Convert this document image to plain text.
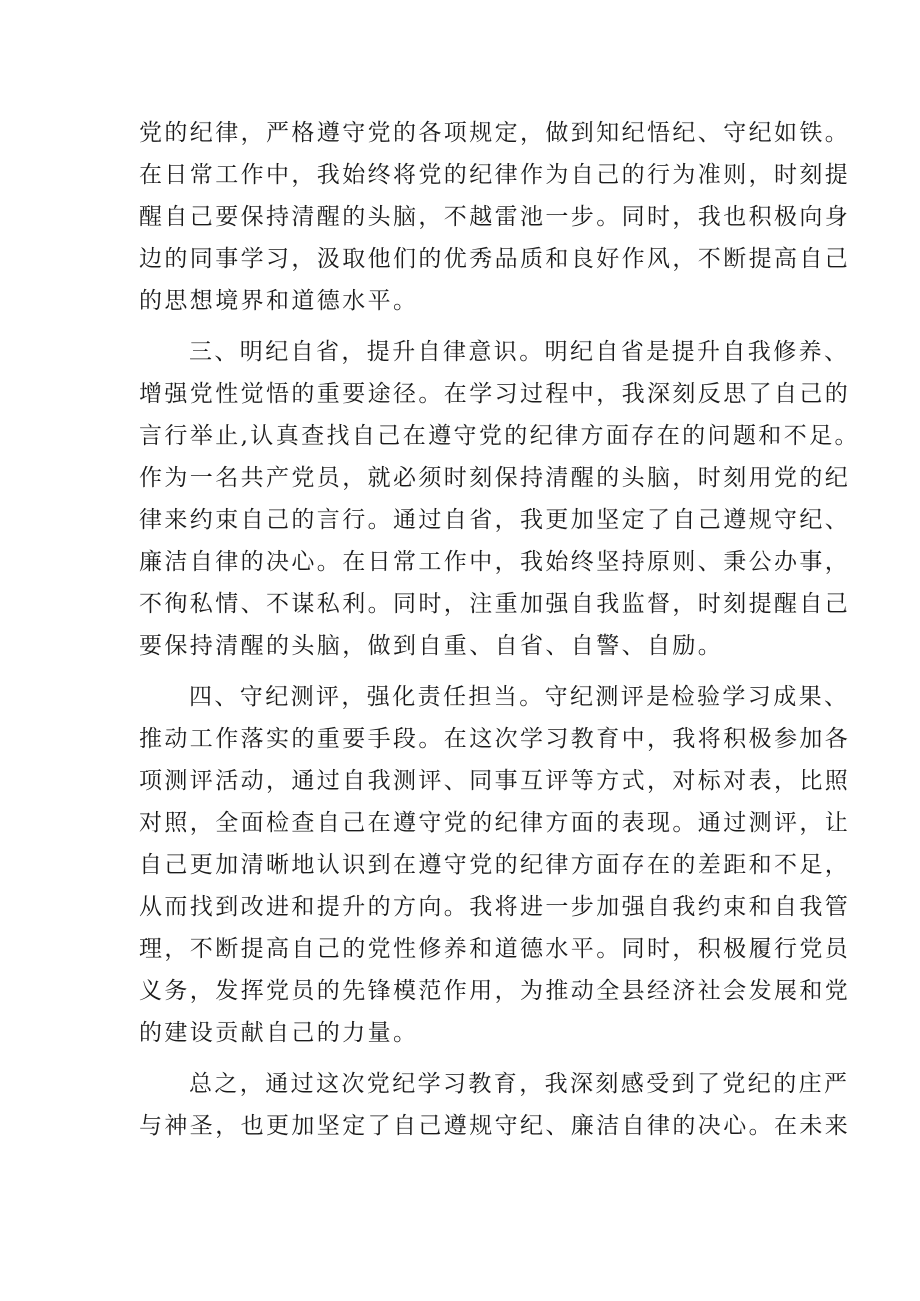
党的纪律，严格遵守党的各项规定，做到知纪悟纪、守纪如铁。
在日常工作中，我始终将党的纪律作为自己的行为准则，时刻提
醒自己要保持清醒的头脑，不越雷池一步。同时，我也积极向身
边的同事学习，汲取他们的优秀品质和良好作风，不断提高自己
的思想境界和道德水平。
三、明纪自省，提升自律意识。明纪自省是提升自我修养、
增强党性觉悟的重要途径。在学习过程中，我深刻反思了自己的
言行举止,认真查找自己在遵守党的纪律方面存在的问题和不足。
作为一名共产党员，就必须时刻保持清醒的头脑，时刻用党的纪
律来约束自己的言行。通过自省，我更加坚定了自己遵规守纪、
廉洁自律的决心。在日常工作中，我始终坚持原则、秉公办事，
不徇私情、不谋私利。同时，注重加强自我监督，时刻提醒自己
要保持清醒的头脑，做到自重、自省、自警、自励。
四、守纪测评，强化责任担当。守纪测评是检验学习成果、
推动工作落实的重要手段。在这次学习教育中，我将积极参加各
项测评活动，通过自我测评、同事互评等方式，对标对表，比照
对照，全面检查自己在遵守党的纪律方面的表现。通过测评，让
自己更加清晰地认识到在遵守党的纪律方面存在的差距和不足，
从而找到改进和提升的方向。我将进一步加强自我约束和自我管
理，不断提高自己的党性修养和道德水平。同时，积极履行党员
义务，发挥党员的先锋模范作用，为推动全县经济社会发展和党
的建设贡献自己的力量。
总之，通过这次党纪学习教育，我深刻感受到了党纪的庄严
与神圣，也更加坚定了自己遵规守纪、廉洁自律的决心。在未来
